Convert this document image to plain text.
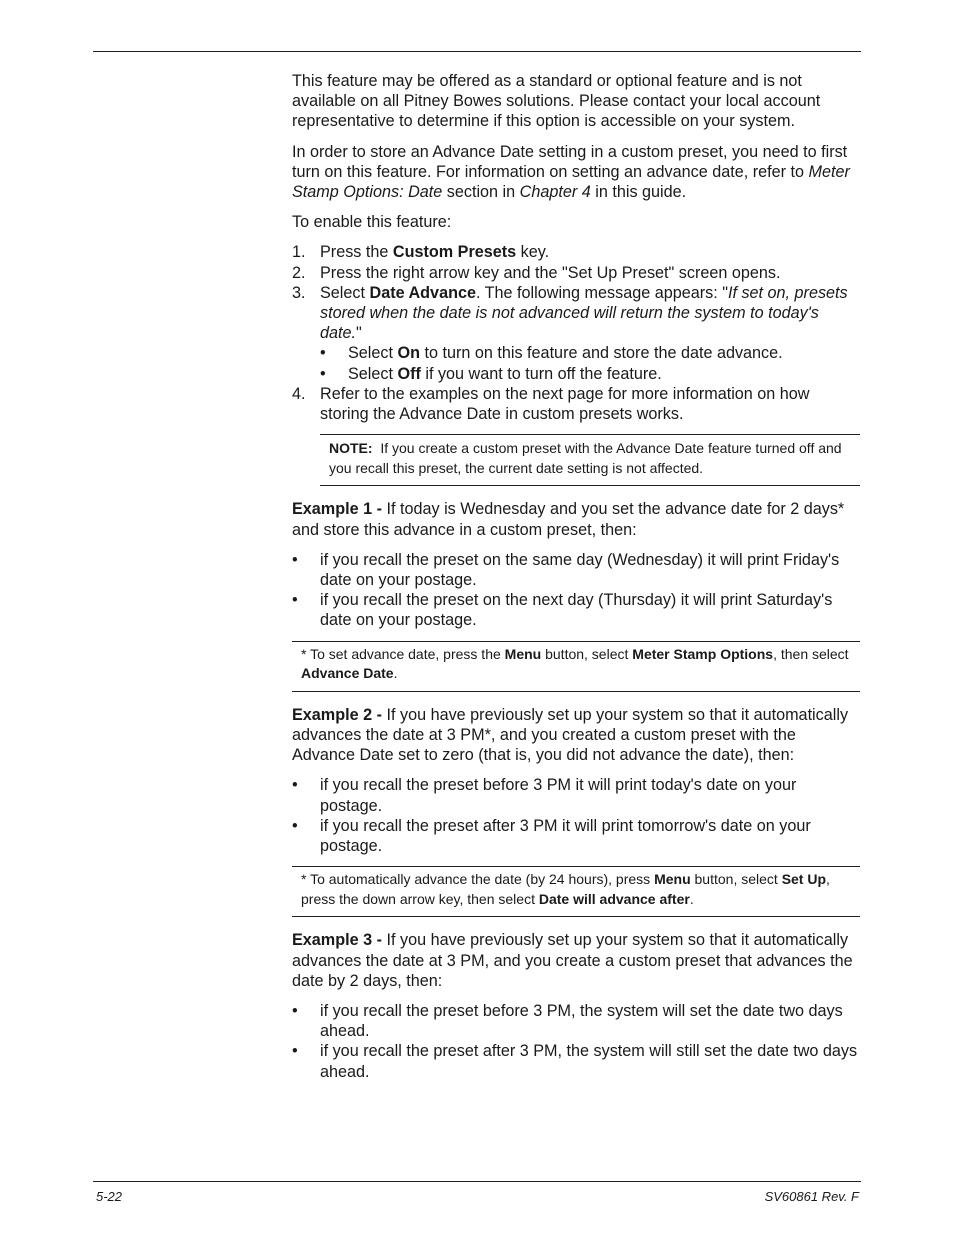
This feature may be offered as a standard or optional feature and is not available on all Pitney Bowes solutions. Please contact your local account representative to determine if this option is accessible on your system.

In order to store an Advance Date setting in a custom preset, you need to first turn on this feature. For information on setting an advance date, refer to Meter Stamp Options: Date section in Chapter 4 in this guide.

To enable this feature:

1. Press the Custom Presets key.
2. Press the right arrow key and the "Set Up Preset" screen opens.
3. Select Date Advance. The following message appears: "If set on, presets stored when the date is not advanced will return the system to today's date."
• Select On to turn on this feature and store the date advance.
• Select Off if you want to turn off the feature.
4. Refer to the examples on the next page for more information on how storing the Advance Date in custom presets works.
NOTE:  If you create a custom preset with the Advance Date feature turned off and you recall this preset, the current date setting is not affected.

Example 1 - If today is Wednesday and you set the advance date for 2 days* and store this advance in a custom preset, then:

• if you recall the preset on the same day (Wednesday) it will print Friday's date on your postage.
• if you recall the preset on the next day (Thursday) it will print Saturday's date on your postage.
* To set advance date, press the Menu button, select Meter Stamp Options, then select Advance Date.

Example 2 - If you have previously set up your system so that it automatically advances the date at 3 PM*, and you created a custom preset with the Advance Date set to zero (that is, you did not advance the date), then:

• if you recall the preset before 3 PM it will print today's date on your postage.
• if you recall the preset after 3 PM it will print tomorrow's date on your postage.
* To automatically advance the date (by 24 hours), press Menu button, select Set Up, press the down arrow key, then select Date will advance after.

Example 3 - If you have previously set up your system so that it automatically advances the date at 3 PM, and you create a custom preset that advances the date by 2 days, then:

• if you recall the preset before 3 PM, the system will set the date two days ahead.
• if you recall the preset after 3 PM, the system will still set the date two days ahead.
5-22	SV60861 Rev. F
